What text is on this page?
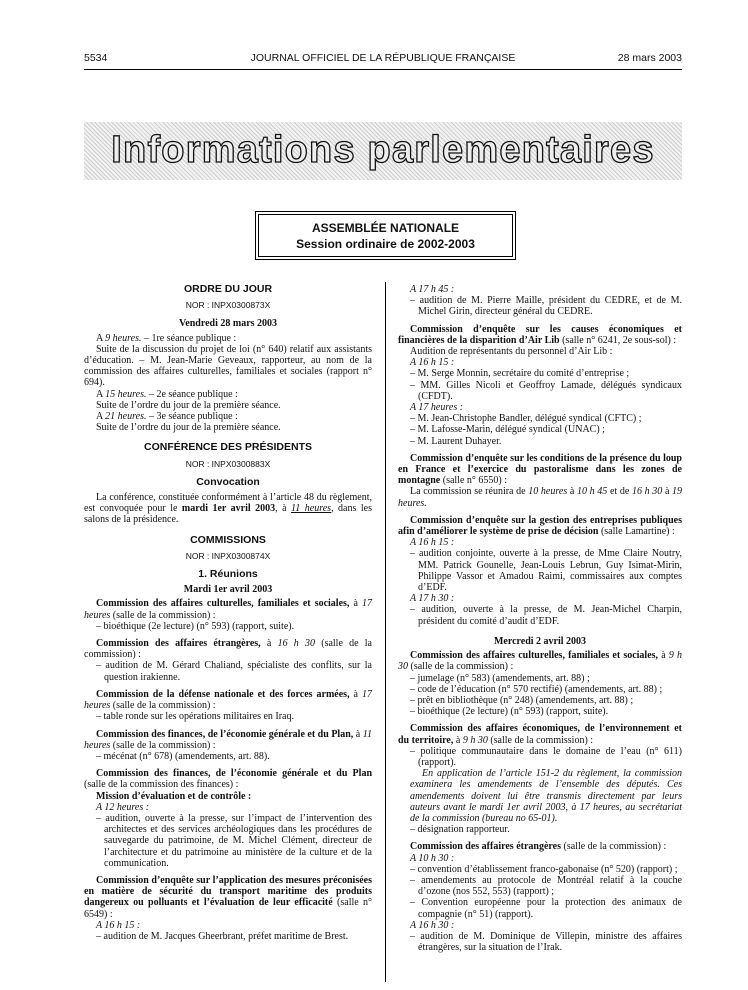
5534	JOURNAL OFFICIEL DE LA RÉPUBLIQUE FRANÇAISE	28 mars 2003
Informations parlementaires
ASSEMBLÉE NATIONALE
Session ordinaire de 2002-2003

ORDRE DU JOUR

NOR : INPX0300873X

Vendredi 28 mars 2003

A 9 heures. – 1re séance publique :

Suite de la discussion du projet de loi (n° 640) relatif aux assistants d’éducation. – M. Jean-Marie Geveaux, rapporteur, au nom de la commission des affaires culturelles, familiales et sociales (rapport n° 694).

A 15 heures. – 2e séance publique :

Suite de l’ordre du jour de la première séance.

A 21 heures. – 3e séance publique :

Suite de l’ordre du jour de la première séance.

CONFÉRENCE DES PRÉSIDENTS

NOR : INPX0300883X

Convocation

La conférence, constituée conformément à l’article 48 du règlement, est convoquée pour le mardi 1er avril 2003, à 11 heures, dans les salons de la présidence.

COMMISSIONS

NOR : INPX0300874X

1. Réunions

Mardi 1er avril 2003

Commission des affaires culturelles, familiales et sociales, à 17 heures (salle de la commission) :

– bioéthique (2e lecture) (n° 593) (rapport, suite).

Commission des affaires étrangères, à 16 h 30 (salle de la commission) :

– audition de M. Gérard Chaliand, spécialiste des conflits, sur la question irakienne.

Commission de la défense nationale et des forces armées, à 17 heures (salle de la commission) :

– table ronde sur les opérations militaires en Iraq.

Commission des finances, de l’économie générale et du Plan, à 11 heures (salle de la commission) :

– mécénat (n° 678) (amendements, art. 88).

Commission des finances, de l’économie générale et du Plan (salle de la commission des finances) :

Mission d’évaluation et de contrôle :

A 12 heures :

– audition, ouverte à la presse, sur l’impact de l’intervention des architectes et des services archéologiques dans les procédures de sauvegarde du patrimoine, de M. Michel Clément, directeur de l’architecture et du patrimoine au ministère de la culture et de la communication.

Commission d’enquête sur l’application des mesures préconisées en matière de sécurité du transport maritime des produits dangereux ou polluants et l’évaluation de leur efficacité (salle n° 6549) :

A 16 h 15 :

– audition de M. Jacques Gheerbrant, préfet maritime de Brest.

A 17 h 45 :

– audition de M. Pierre Maille, président du CEDRE, et de M. Michel Girin, directeur général du CEDRE.

Commission d’enquête sur les causes économiques et financières de la disparition d’Air Lib (salle n° 6241, 2e sous-sol) :

Audition de représentants du personnel d’Air Lib :

A 16 h 15 :

– M. Serge Monnin, secrétaire du comité d’entreprise ;

– MM. Gilles Nicoli et Geoffroy Lamade, délégués syndicaux (CFDT).

A 17 heures :

– M. Jean-Christophe Bandler, délégué syndical (CFTC) ;

– M. Lafosse-Marin, délégué syndical (UNAC) ;

– M. Laurent Duhayer.

Commission d’enquête sur les conditions de la présence du loup en France et l’exercice du pastoralisme dans les zones de montagne (salle n° 6550) :

La commission se réunira de 10 heures à 10 h 45 et de 16 h 30 à 19 heures.

Commission d’enquête sur la gestion des entreprises publiques afin d’améliorer le système de prise de décision (salle Lamartine) :

A 16 h 15 :

– audition conjointe, ouverte à la presse, de Mme Claire Noutry, MM. Patrick Gounelle, Jean-Louis Lebrun, Guy Isimat-Mirin, Philippe Vassor et Amadou Raimi, commissaires aux comptes d’EDF.

A 17 h 30 :

– audition, ouverte à la presse, de M. Jean-Michel Charpin, président du comité d’audit d’EDF.

Mercredi 2 avril 2003

Commission des affaires culturelles, familiales et sociales, à 9 h 30 (salle de la commission) :

– jumelage (n° 583) (amendements, art. 88) ;

– code de l’éducation (n° 570 rectifié) (amendements, art. 88) ;

– prêt en bibliothèque (n° 248) (amendements, art. 88) ;

– bioéthique (2e lecture) (n° 593) (rapport, suite).

Commission des affaires économiques, de l’environnement et du territoire, à 9 h 30 (salle de la commission) :

– politique communautaire dans le domaine de l’eau (n° 611) (rapport).

En application de l’article 151-2 du règlement, la commission examinera les amendements de l’ensemble des députés. Ces amendements doivent lui être transmis directement par leurs auteurs avant le mardi 1er avril 2003, à 17 heures, au secrétariat de la commission (bureau no 65-01).

– désignation rapporteur.

Commission des affaires étrangères (salle de la commission) :

A 10 h 30 :

– convention d’établissement franco-gabonaise (n° 520) (rapport) ;

– amendements au protocole de Montréal relatif à la couche d’ozone (nos 552, 553) (rapport) ;

– Convention européenne pour la protection des animaux de compagnie (n° 51) (rapport).

A 16 h 30 :

– audition de M. Dominique de Villepin, ministre des affaires étrangères, sur la situation de l’Irak.
